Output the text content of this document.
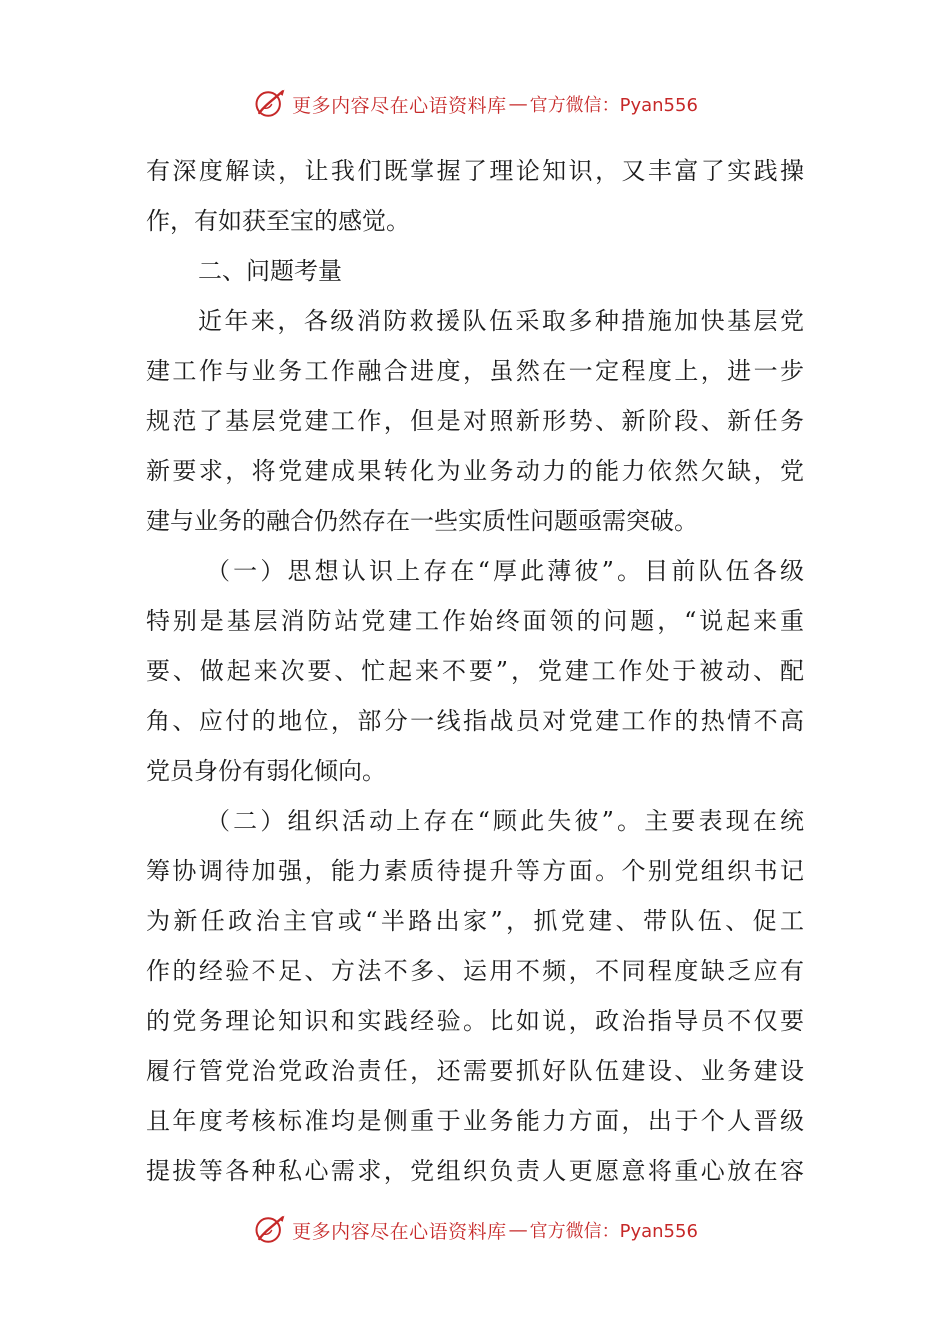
更多内容尽在心语资料库 — 官方微信：Pyan556
有深度解读，让我们既掌握了理论知识，又丰富了实践操
作，有如获至宝的感觉。
二、问题考量
近年来，各级消防救援队伍采取多种措施加快基层党
建工作与业务工作融合进度，虽然在一定程度上，进一步
规范了基层党建工作，但是对照新形势、新阶段、新任务
新要求，将党建成果转化为业务动力的能力依然欠缺，党
建与业务的融合仍然存在一些实质性问题亟需突破。
（一）思想认识上存在“厚此薄彼”。目前队伍各级
特别是基层消防站党建工作始终面领的问题，“说起来重
要、做起来次要、忙起来不要”，党建工作处于被动、配
角、应付的地位，部分一线指战员对党建工作的热情不高
党员身份有弱化倾向。
（二）组织活动上存在“顾此失彼”。主要表现在统
筹协调待加强，能力素质待提升等方面。个别党组织书记
为新任政治主官或“半路出家”，抓党建、带队伍、促工
作的经验不足、方法不多、运用不频，不同程度缺乏应有
的党务理论知识和实践经验。比如说，政治指导员不仅要
履行管党治党政治责任，还需要抓好队伍建设、业务建设
且年度考核标准均是侧重于业务能力方面，出于个人晋级
提拔等各种私心需求，党组织负责人更愿意将重心放在容
更多内容尽在心语资料库 — 官方微信：Pyan556
